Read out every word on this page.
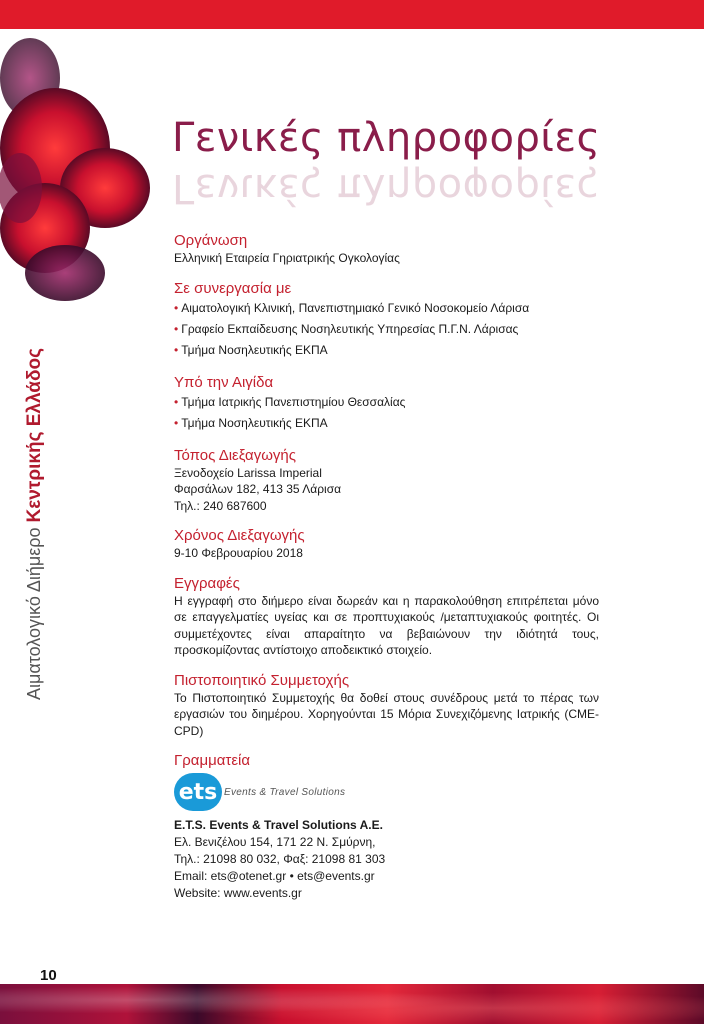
Αιματολογικό Διήμερο Κεντρικής Ελλάδος
Γενικές πληροφορίες
Γενικές πληροφορίες
Οργάνωση
Ελληνική Εταιρεία Γηριατρικής Ογκολογίας
Σε συνεργασία με
• Αιματολογική Κλινική, Πανεπιστημιακό Γενικό Νοσοκομείο Λάρισα
• Γραφείο Εκπαίδευσης Νοσηλευτικής Υπηρεσίας Π.Γ.Ν. Λάρισας
• Τμήμα Νοσηλευτικής ΕΚΠΑ
Υπό την Αιγίδα
• Τμήμα Ιατρικής Πανεπιστημίου Θεσσαλίας
• Τμήμα Νοσηλευτικής ΕΚΠΑ
Τόπος Διεξαγωγής
Ξενοδοχείο Larissa Imperial
Φαρσάλων 182, 413 35 Λάρισα
Τηλ.: 240 687600
Χρόνος Διεξαγωγής
9-10 Φεβρουαρίου 2018
Εγγραφές
Η εγγραφή στο διήμερο είναι δωρεάν και η παρακολούθηση επιτρέπεται μόνο σε επαγγελματίες υγείας και σε προπτυχιακούς /μεταπτυχιακούς φοιτητές. Οι συμμετέχοντες είναι απαραίτητο να βεβαιώνουν την ιδιότητά τους, προσκομίζοντας αντίστοιχο αποδεικτικό στοιχείο.
Πιστοποιητικό Συμμετοχής
Το Πιστοποιητικό Συμμετοχής θα δοθεί στους συνέδρους μετά το πέρας των εργασιών του διημέρου. Χορηγούνται 15 Μόρια Συνεχιζόμενης Ιατρικής (CME- CPD)
Γραμματεία
ets Events & Travel Solutions
E.T.S. Events & Travel Solutions A.E.
Ελ. Βενιζέλου 154, 171 22 Ν. Σμύρνη,
Τηλ.: 21098 80 032, Φαξ: 21098 81 303
Email: ets@otenet.gr • ets@events.gr
Website: www.events.gr
10
